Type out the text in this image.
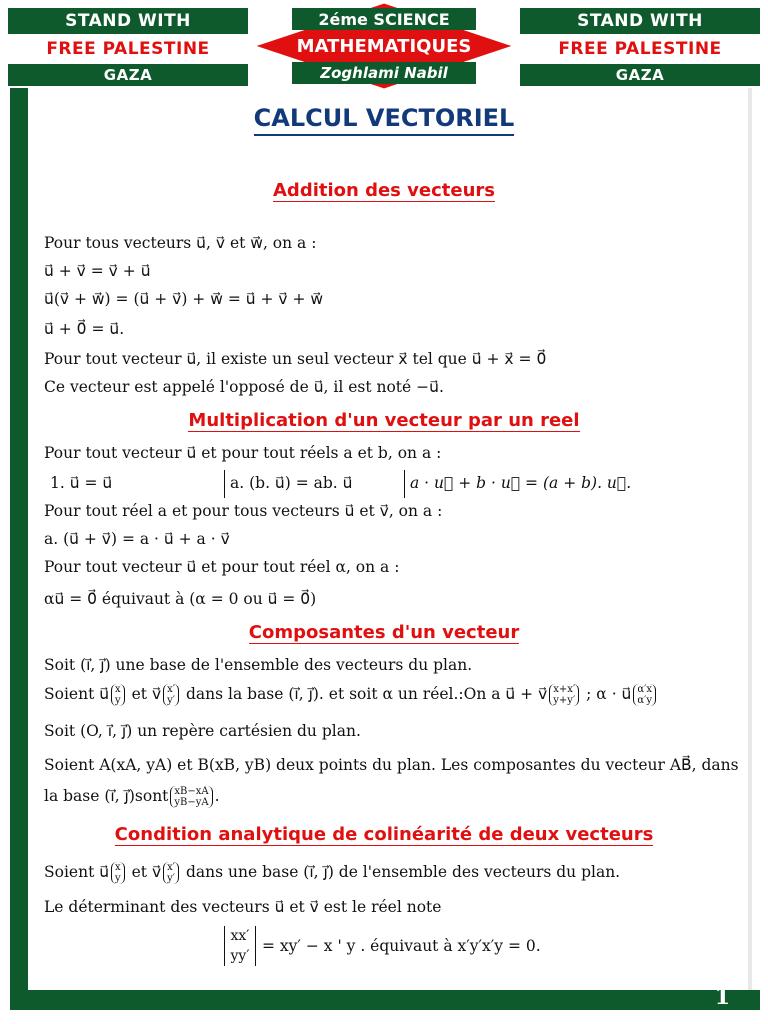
STAND WITH
FREE PALESTINE
GAZA
STAND WITH
FREE PALESTINE
GAZA
2éme SCIENCE
MATHEMATIQUES
Zoghlami Nabil
1
CALCUL VECTORIEL
Addition des vecteurs
Pour tous vecteurs u⃗, v⃗ et w⃗, on a :
u⃗ + v⃗ = v⃗ + u⃗
u⃗(v⃗ + w⃗) = (u⃗ + v⃗) + w⃗ = u⃗ + v⃗ + w⃗
u⃗ + 0⃗ = u⃗.
Pour tout vecteur u⃗, il existe un seul vecteur x⃗ tel que u⃗ + x⃗ = 0⃗
Ce vecteur est appelé l'opposé de u⃗, il est noté −u⃗.
Multiplication d'un vecteur par un reel
Pour tout vecteur u⃗ et pour tout réels a et b, on a :
1. u⃗ = u⃗	a. (b. u⃗) = ab. u⃗	a · u⃗ + b · u⃗ = (a + b). u⃗.
Pour tout réel a et pour tous vecteurs u⃗ et v⃗, on a :
a. (u⃗ + v⃗) = a · u⃗ + a · v⃗
Pour tout vecteur u⃗ et pour tout réel α, on a :
αu⃗ = 0⃗ équivaut à (α = 0 ou u⃗ = 0⃗)
Composantes d'un vecteur
Soit (i⃗, j⃗) une base de l'ensemble des vecteurs du plan.
Soient u⃗ x
y et v⃗ x′
y′ dans la base (i⃗, j⃗). et soit α un réel.:On a u⃗ + v⃗ x+x′
y+y′ ; α · u⃗ α′x
α′y
Soit (O, i⃗, j⃗) un repère cartésien du plan.
Soient A(xA, yA) et B(xB, yB) deux points du plan. Les composantes du vecteur AB⃗, dans
la base (i⃗, j⃗)sont xB−xA
yB−yA .
Condition analytique de colinéarité de deux vecteurs
Soient u⃗ x
y et v⃗ x′
y′ dans une base (i⃗, j⃗) de l'ensemble des vecteurs du plan.
Le déterminant des vecteurs u⃗ et v⃗ est le réel note
xx′
yy′
= xy′ − x ' y . équivaut à x′y′x′y = 0.
